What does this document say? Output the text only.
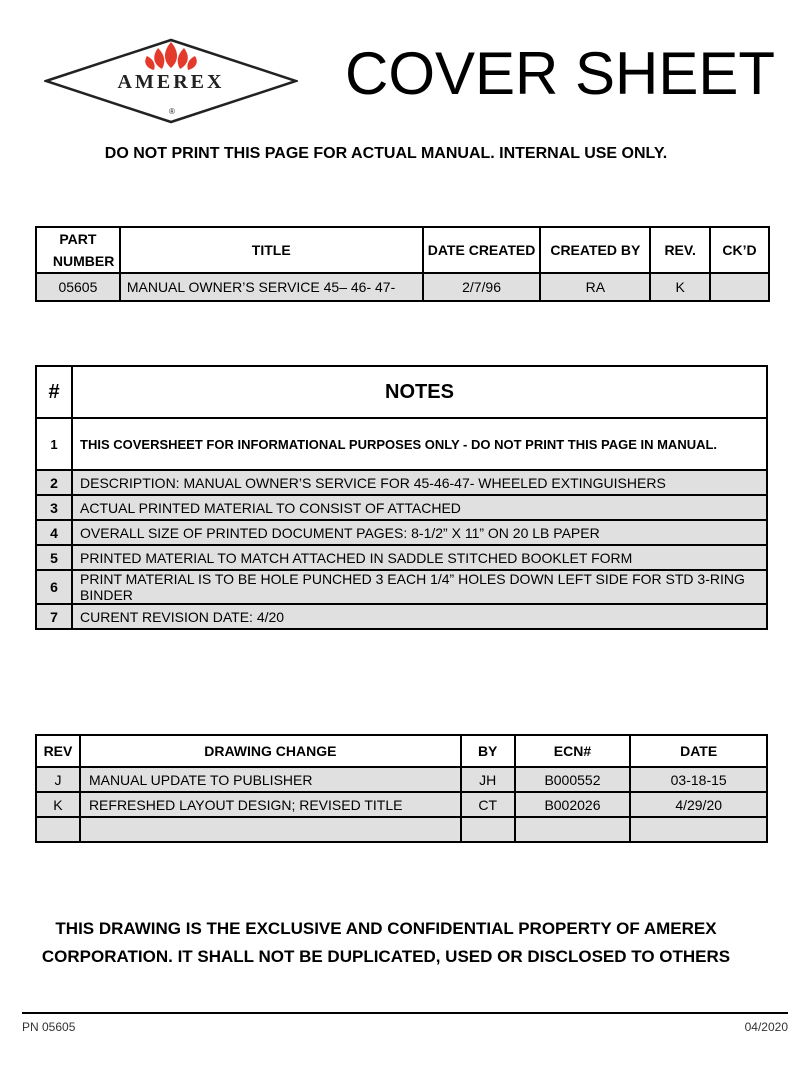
AMEREX
®
COVER SHEET
DO NOT PRINT THIS PAGE FOR ACTUAL MANUAL. INTERNAL USE ONLY.
PART NUMBER	TITLE	DATE CREATED	CREATED BY	REV.	CK’D
05605	MANUAL OWNER’S SERVICE 45– 46- 47-	2/7/96	RA	K	
#	NOTES
1	THIS COVERSHEET FOR INFORMATIONAL PURPOSES ONLY - DO NOT PRINT THIS PAGE IN MANUAL.
2	DESCRIPTION: MANUAL OWNER’S SERVICE FOR 45-46-47- WHEELED EXTINGUISHERS
3	ACTUAL PRINTED MATERIAL TO CONSIST OF ATTACHED
4	OVERALL SIZE OF PRINTED DOCUMENT PAGES: 8-1/2” X 11” ON 20 LB PAPER
5	PRINTED MATERIAL TO MATCH ATTACHED IN SADDLE STITCHED BOOKLET FORM
6	PRINT MATERIAL IS TO BE HOLE PUNCHED 3 EACH 1/4” HOLES DOWN LEFT SIDE FOR STD 3-RING BINDER
7	CURENT REVISION DATE: 4/20
REV	DRAWING CHANGE	BY	ECN#	DATE
J	MANUAL UPDATE TO PUBLISHER	JH	B000552	03-18-15
K	REFRESHED LAYOUT DESIGN; REVISED TITLE	CT	B002026	4/29/20

THIS DRAWING IS THE EXCLUSIVE AND CONFIDENTIAL PROPERTY OF AMEREX
CORPORATION. IT SHALL NOT BE DUPLICATED, USED OR DISCLOSED TO OTHERS
PN 05605	04/2020
